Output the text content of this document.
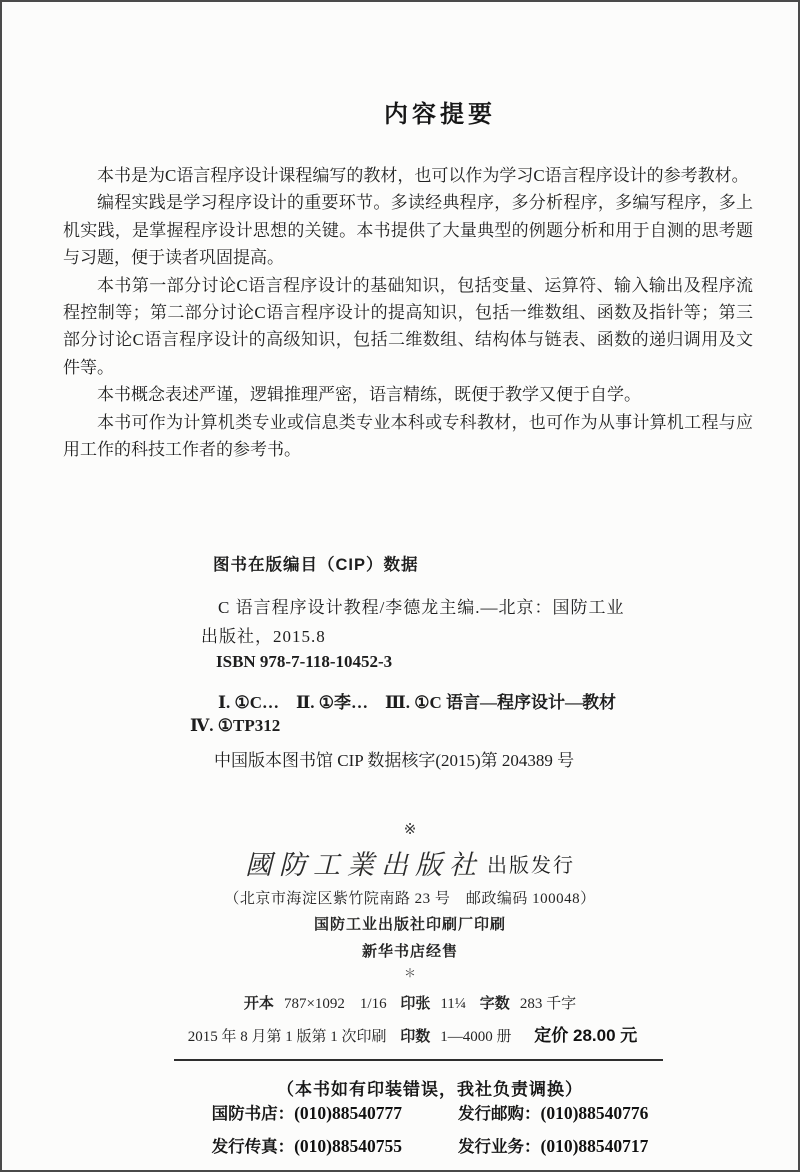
内容提要

本书是为C语言程序设计课程编写的教材，也可以作为学习C语言程序设计的参考教材。

编程实践是学习程序设计的重要环节。多读经典程序，多分析程序，多编写程序，多上机实践，是掌握程序设计思想的关键。本书提供了大量典型的例题分析和用于自测的思考题与习题，便于读者巩固提高。

本书第一部分讨论C语言程序设计的基础知识，包括变量、运算符、输入输出及程序流程控制等；第二部分讨论C语言程序设计的提高知识，包括一维数组、函数及指针等；第三部分讨论C语言程序设计的高级知识，包括二维数组、结构体与链表、函数的递归调用及文件等。

本书概念表述严谨，逻辑推理严密，语言精练，既便于教学又便于自学。

本书可作为计算机类专业或信息类专业本科或专科教材，也可作为从事计算机工程与应用工作的科技工作者的参考书。

图书在版编目（CIP）数据
C 语言程序设计教程/李德龙主编.—北京：国防工业
出版社，2015.8
ISBN 978-7-118-10452-3
Ⅰ. ①C…　Ⅱ. ①李…　Ⅲ. ①C 语言—程序设计—教材
Ⅳ. ①TP312
中国版本图书馆 CIP 数据核字(2015)第 204389 号
※
國防工業出版社 出版发行
（北京市海淀区紫竹院南路 23 号　邮政编码 100048）
国防工业出版社印刷厂印刷
新华书店经售
＊
开本 787×1092　1/16 印张 11¼ 字数 283 千字
2015 年 8 月第 1 版第 1 次印刷 印数 1—4000 册 定价 28.00 元
（本书如有印装错误，我社负责调换）
国防书店：(010)88540777
发行传真：(010)88540755
发行邮购：(010)88540776
发行业务：(010)88540717
